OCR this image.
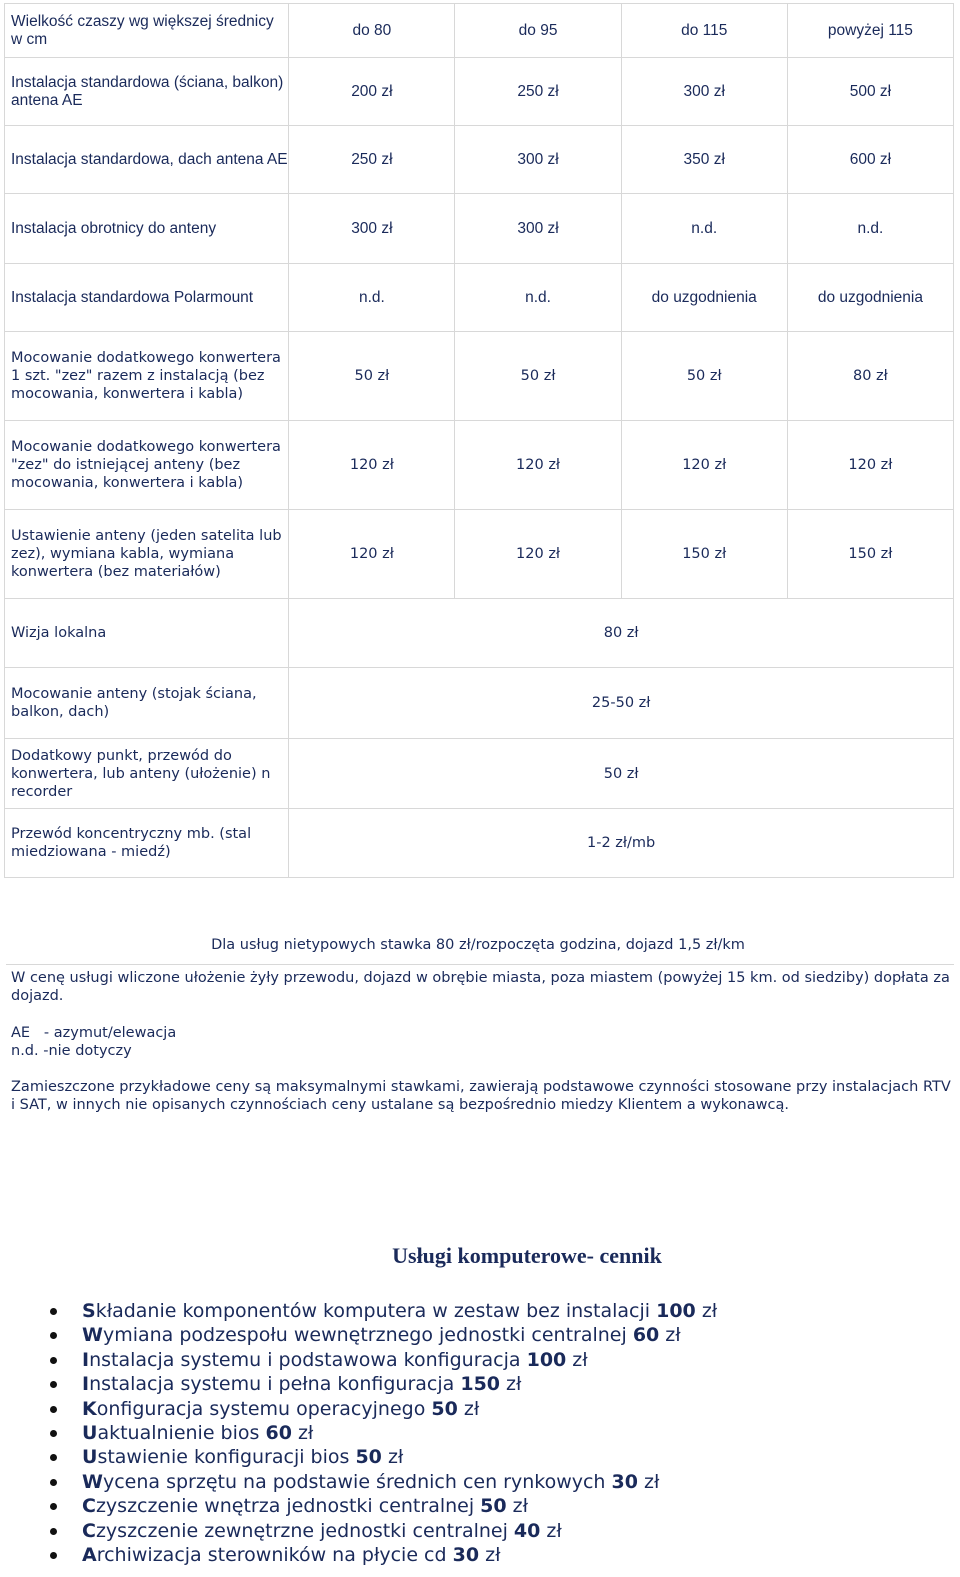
Wielkość czaszy wg większej średnicy w cm	do 80	do 95	do 115	powyżej 115
Instalacja standardowa (ściana, balkon) antena AE	200 zł	250 zł	300 zł	500 zł
Instalacja standardowa, dach antena AE	250 zł	300 zł	350 zł	600 zł
Instalacja obrotnicy do anteny	300 zł	300 zł	n.d.	n.d.
Instalacja standardowa Polarmount	n.d.	n.d.	do uzgodnienia	do uzgodnienia
Mocowanie dodatkowego konwertera 1 szt. "zez" razem z instalacją (bez mocowania, konwertera i kabla)	50 zł	50 zł	50 zł	80 zł
Mocowanie dodatkowego konwertera "zez" do istniejącej anteny (bez mocowania, konwertera i kabla)	120 zł	120 zł	120 zł	120 zł
Ustawienie anteny (jeden satelita lub zez), wymiana kabla, wymiana konwertera (bez materiałów)	120 zł	120 zł	150 zł	150 zł
Wizja lokalna	80 zł			
Mocowanie anteny (stojak ściana, balkon, dach)	25-50 zł			
Dodatkowy punkt, przewód do konwertera, lub anteny (ułożenie) n recorder	50 zł			
Przewód koncentryczny mb. (stal miedziowana - miedź)	1-2 zł/mb			
Dla usług nietypowych stawka 80 zł/rozpoczęta godzina, dojazd 1,5 zł/km
W cenę usługi wliczone ułożenie żyły przewodu, dojazd w obrębie miasta, poza miastem (powyżej 15 km. od siedziby) dopłata za dojazd.
AE   - azymut/elewacja
n.d. -nie dotyczy
Zamieszczone przykładowe ceny są maksymalnymi stawkami, zawierają podstawowe czynności stosowane przy instalacjach RTV i SAT, w innych nie opisanych czynnościach ceny ustalane są bezpośrednio miedzy Klientem a wykonawcą.
Usługi komputerowe- cennik
Składanie komponentów komputera w zestaw bez instalacji 100 zł
Wymiana podzespołu wewnętrznego jednostki centralnej 60 zł
Instalacja systemu i podstawowa konfiguracja 100 zł
Instalacja systemu i pełna konfiguracja 150 zł
Konfiguracja systemu operacyjnego 50 zł
Uaktualnienie bios 60 zł
Ustawienie konfiguracji bios 50 zł
Wycena sprzętu na podstawie średnich cen rynkowych 30 zł
Czyszczenie wnętrza jednostki centralnej 50 zł
Czyszczenie zewnętrzne jednostki centralnej 40 zł
Archiwizacja sterowników na płycie cd 30 zł
